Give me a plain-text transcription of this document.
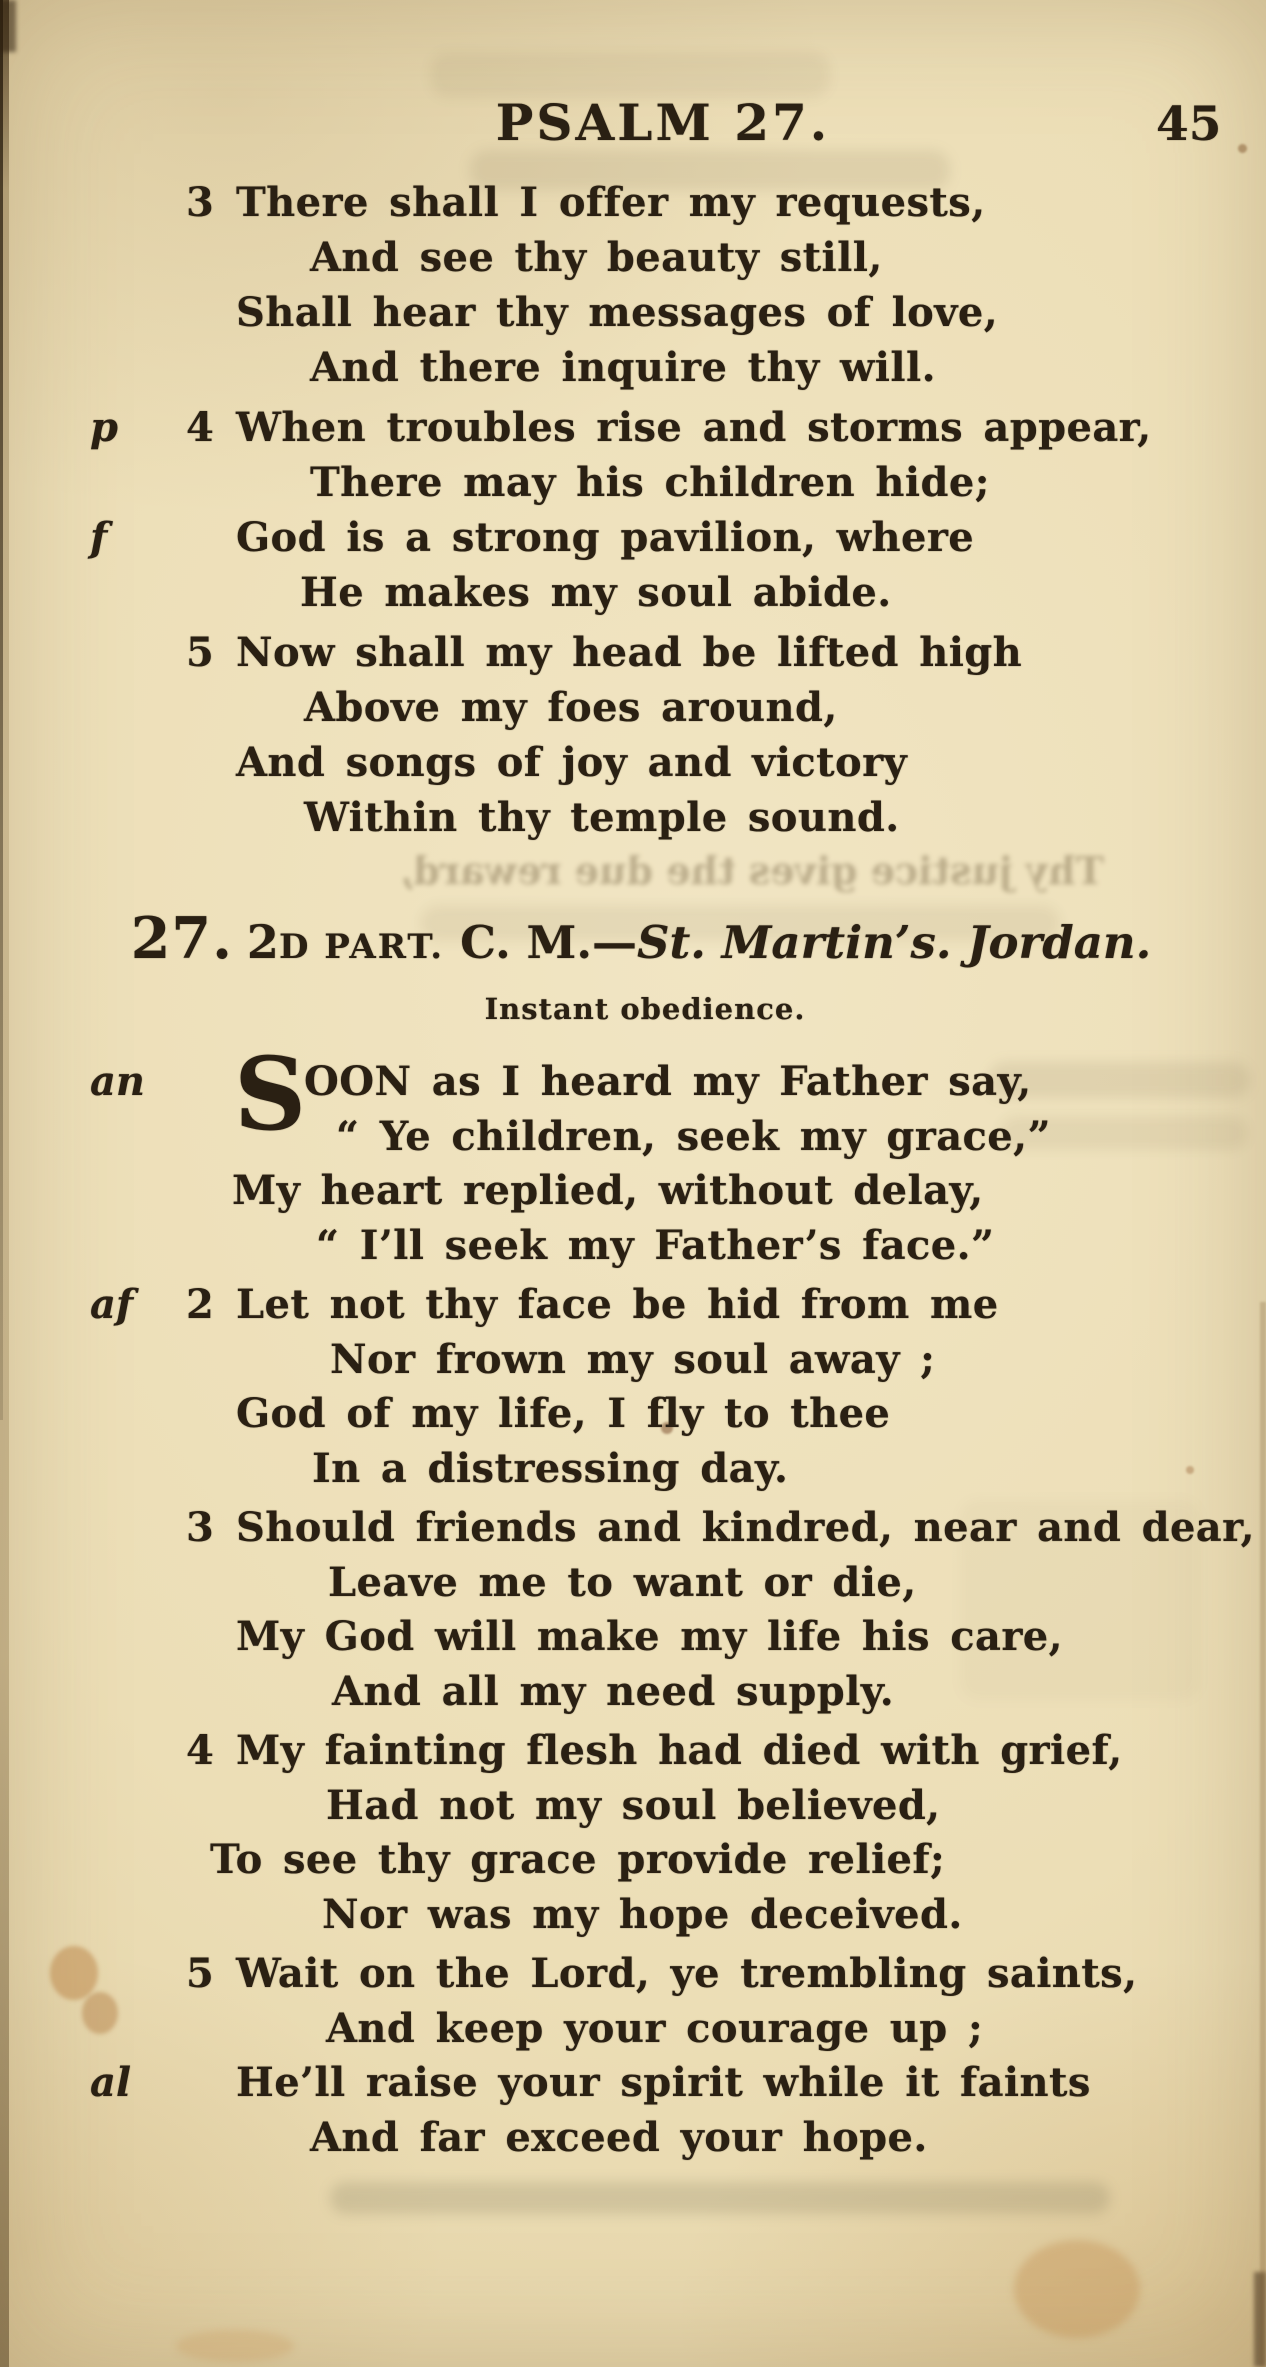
Thy justice gives the due reward,
PSALM 27.	45
3 There shall I offer my requests,
And see thy beauty still,
Shall hear thy messages of love,
And there inquire thy will.
p 4 When troubles rise and storms appear,
There may his children hide;
f	God is a strong pavilion, where
He makes my soul abide.
5 Now shall my head be lifted high
Above my foes around,
And songs of joy and victory
Within thy temple sound.
27. 2D PART. C. M.—St. Martin’s. Jordan.
Instant obedience.
an S
OON as I heard my Father say,
“ Ye children, seek my grace,”
My heart replied, without delay,
“ I’ll seek my Father’s face.”
af 2 Let not thy face be hid from me
Nor frown my soul away ;
God of my life, I fly to thee
In a distressing day.
3 Should friends and kindred, near and dear,
Leave me to want or die,
My God will make my life his care,
And all my need supply.
4 My fainting flesh had died with grief,
Had not my soul believed,
To see thy grace provide relief;
Nor was my hope deceived.
5 Wait on the Lord, ye trembling saints,
And keep your courage up ;
al	He’ll raise your spirit while it faints
And far exceed your hope.
